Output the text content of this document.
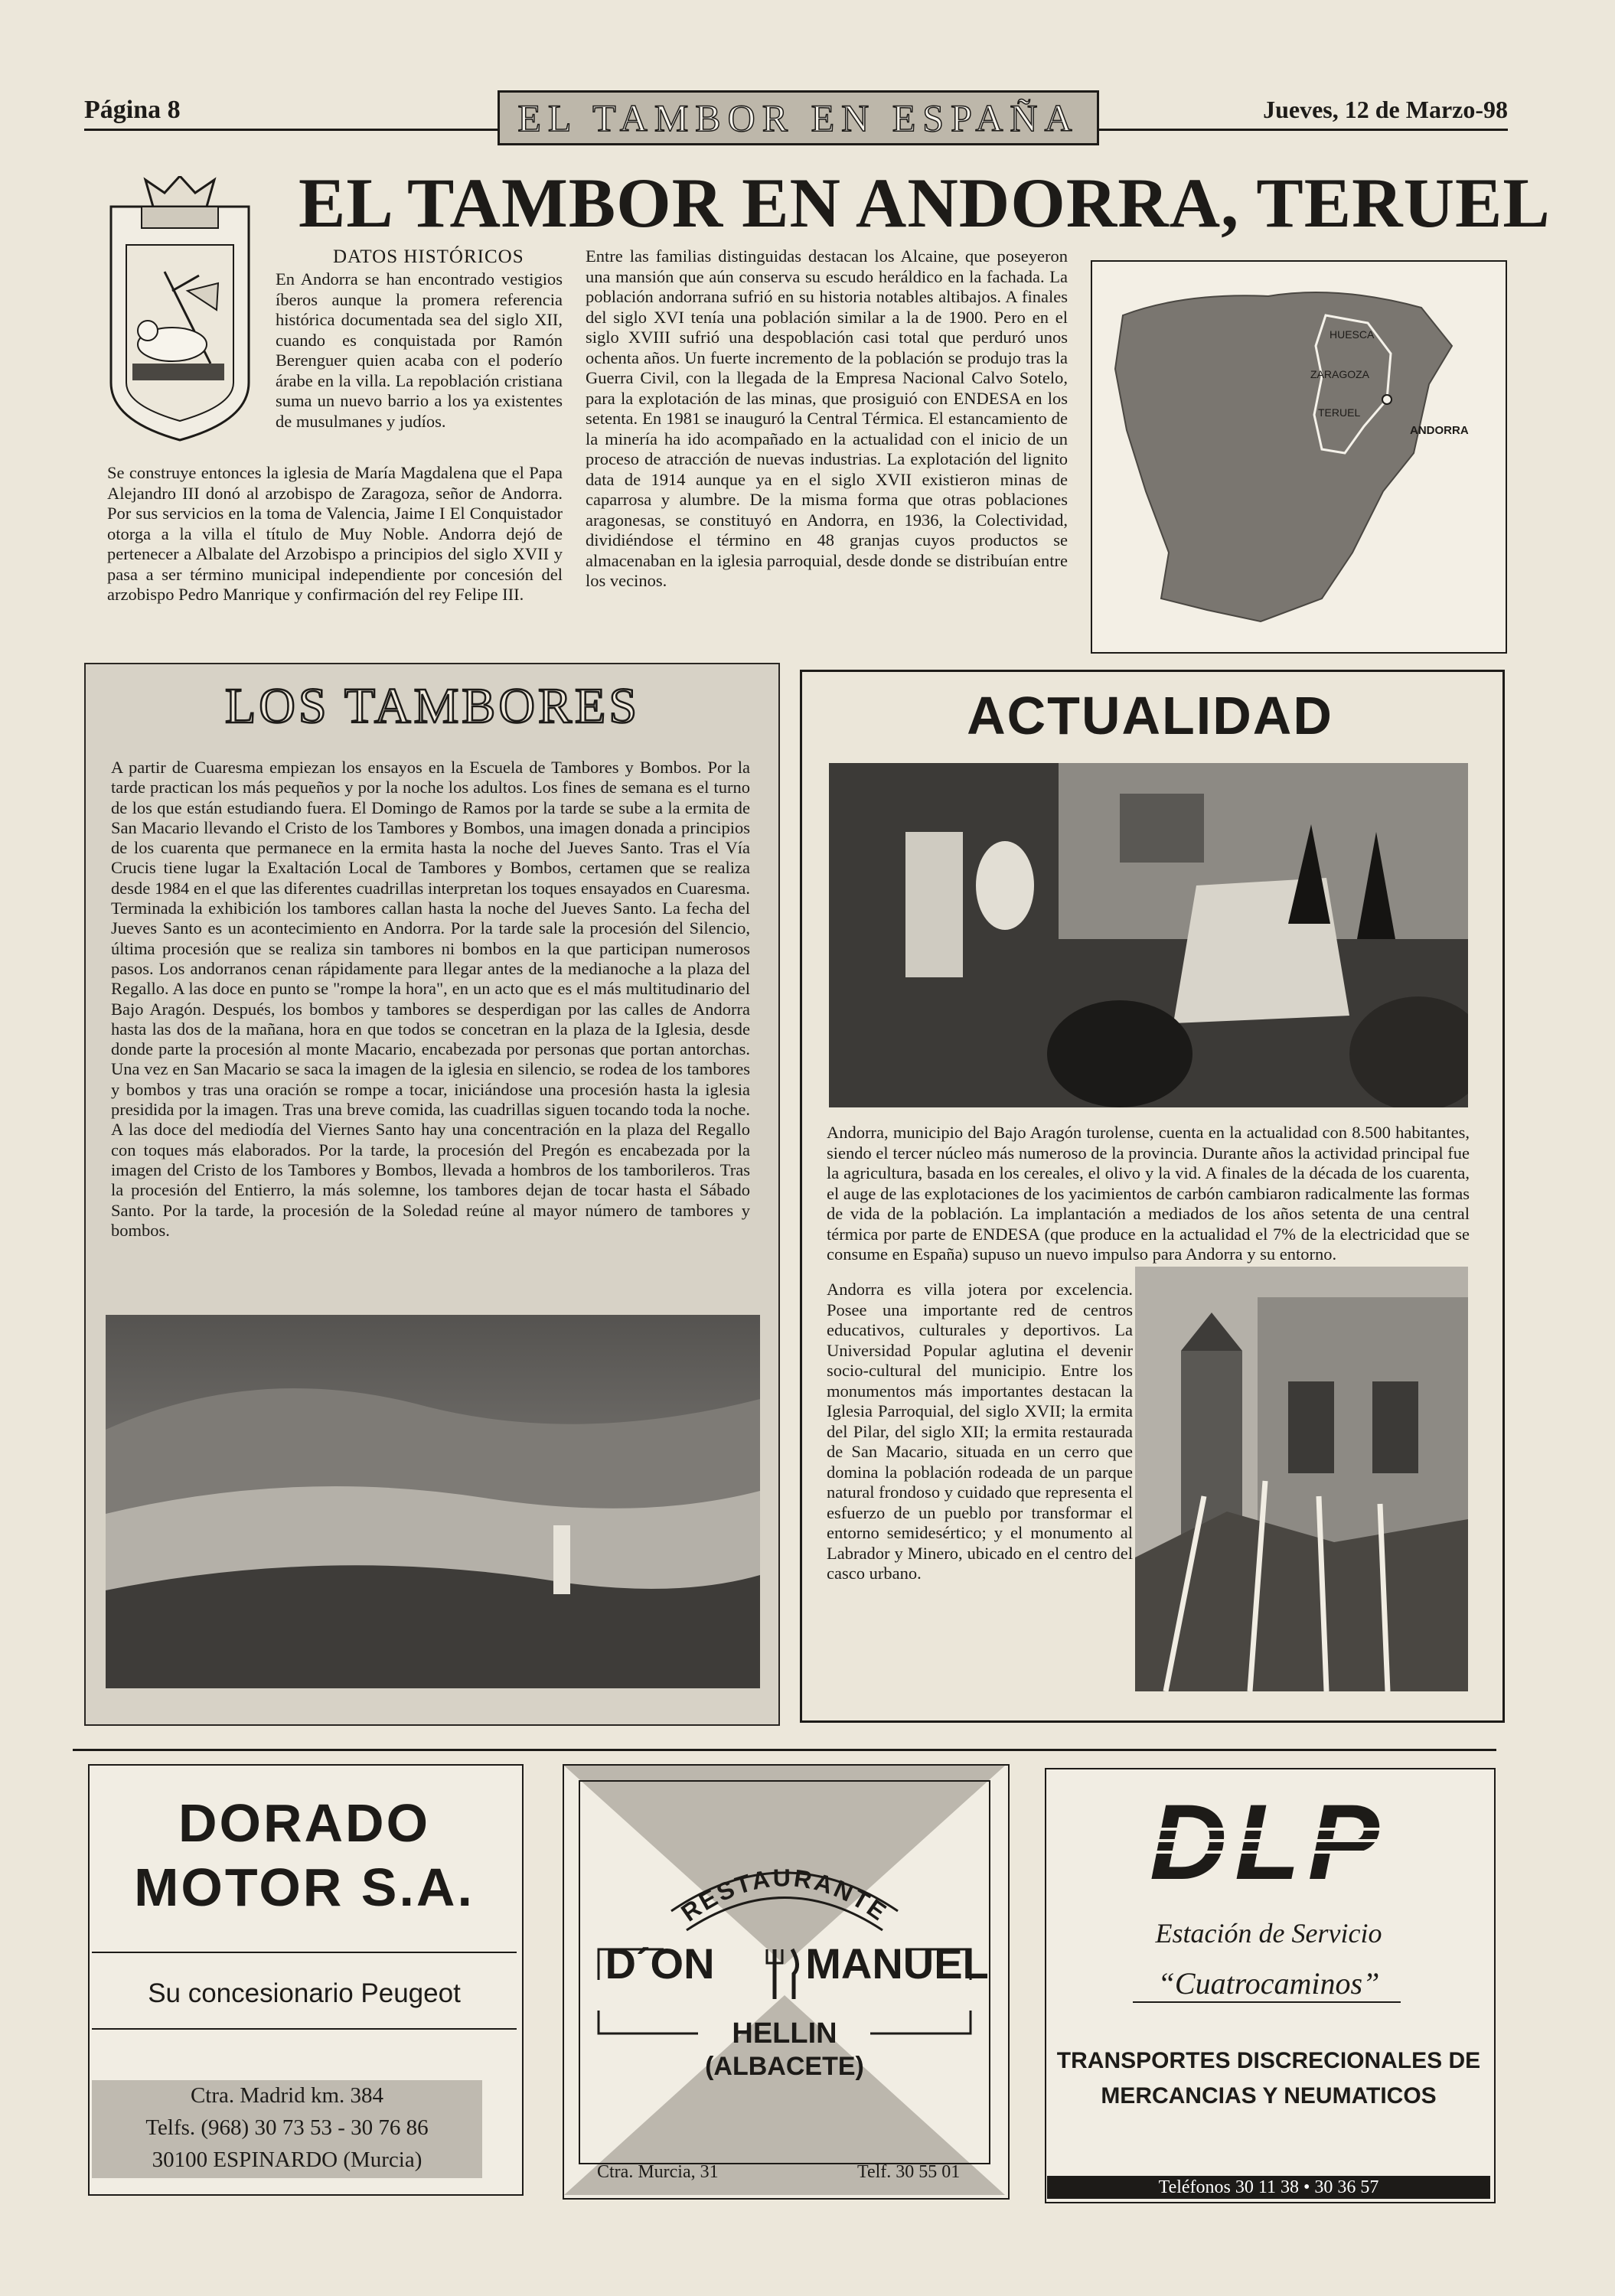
Página 8	EL TAMBOR EN ESPAÑA	Jueves, 12 de Marzo-98
EL TAMBOR EN ANDORRA, TERUEL
DATOS HISTÓRICOS
En Andorra se han encontrado vestigios íberos aunque la promera referencia histórica documentada sea del siglo XII, cuando es conquistada por Ramón Berenguer quien acaba con el poderío árabe en la villa. La repoblación cristiana suma un nuevo barrio a los ya existentes de musulmanes y judíos.
Se construye entonces la iglesia de María Magdalena que el Papa Alejandro III donó al arzobispo de Zaragoza, señor de Andorra. Por sus servicios en la toma de Valencia, Jaime I El Conquistador otorga a la villa el título de Muy Noble. Andorra dejó de pertenecer a Albalate del Arzobispo a principios del siglo XVII y pasa a ser término municipal independiente por concesión del arzobispo Pedro Manrique y confirmación del rey Felipe III.
Entre las familias distinguidas destacan los Alcaine, que poseyeron una mansión que aún conserva su escudo heráldico en la fachada. La población andorrana sufrió en su historia notables altibajos. A finales del siglo XVI tenía una población similar a la de 1900. Pero en el siglo XVIII sufrió una despoblación casi total que perduró unos ochenta años. Un fuerte incremento de la población se produjo tras la Guerra Civil, con la llegada de la Empresa Nacional Calvo Sotelo, para la explotación de las minas, que prosiguió con ENDESA en los setenta. En 1981 se inauguró la Central Térmica. El estancamiento de la minería ha ido acompañado en la actualidad con el inicio de un proceso de atracción de nuevas industrias. La explotación del lignito data de 1914 aunque ya en el siglo XVII existieron minas de caparrosa y alumbre. De la misma forma que otras poblaciones aragonesas, se constituyó en Andorra, en 1936, la Colectividad, dividiéndose el término en 48 granjas cuyos productos se almacenaban en la iglesia parroquial, desde donde se distribuían entre los vecinos.
HUESCA
ZARAGOZA
TERUEL
ANDORRA
LOS TAMBORES
A partir de Cuaresma empiezan los ensayos en la Escuela de Tambores y Bombos. Por la tarde practican los más pequeños y por la noche los adultos. Los fines de semana es el turno de los que están estudiando fuera. El Domingo de Ramos por la tarde se sube a la ermita de San Macario llevando el Cristo de los Tambores y Bombos, una imagen donada a principios de los cuarenta que permanece en la ermita hasta la noche del Jueves Santo. Tras el Vía Crucis tiene lugar la Exaltación Local de Tambores y Bombos, certamen que se realiza desde 1984 en el que las diferentes cuadrillas interpretan los toques ensayados en Cuaresma. Terminada la exhibición los tambores callan hasta la noche del Jueves Santo. La fecha del Jueves Santo es un acontecimiento en Andorra. Por la tarde sale la procesión del Silencio, última procesión que se realiza sin tambores ni bombos en la que participan numerosos pasos. Los andorranos cenan rápidamente para llegar antes de la medianoche a la plaza del Regallo. A las doce en punto se "rompe la hora", en un acto que es el más multitudinario del Bajo Aragón. Después, los bombos y tambores se desperdigan por las calles de Andorra hasta las dos de la mañana, hora en que todos se concetran en la plaza de la Iglesia, desde donde parte la procesión al monte Macario, encabezada por personas que portan antorchas. Una vez en San Macario se saca la imagen de la iglesia en silencio, se rodea de los tambores y bombos y tras una oración se rompe a tocar, iniciándose una procesión hasta la iglesia presidida por la imagen. Tras una breve comida, las cuadrillas siguen tocando toda la noche. A las doce del mediodía del Viernes Santo hay una concentración en la plaza del Regallo con toques más elaborados. Por la tarde, la procesión del Pregón es encabezada por la imagen del Cristo de los Tambores y Bombos, llevada a hombros de los tamborileros. Tras la procesión del Entierro, la más solemne, los tambores dejan de tocar hasta el Sábado Santo. Por la tarde, la procesión de la Soledad reúne al mayor número de tambores y bombos.
ACTUALIDAD
Andorra, municipio del Bajo Aragón turolense, cuenta en la actualidad con 8.500 habitantes, siendo el tercer núcleo más numeroso de la provincia. Durante años la actividad principal fue la agricultura, basada en los cereales, el olivo y la vid. A finales de la década de los cuarenta, el auge de las explotaciones de los yacimientos de carbón cambiaron radicalmente las formas de vida de la población. La implantación a mediados de los años setenta de una central térmica por parte de ENDESA (que produce en la actualidad el 7% de la electricidad que se consume en España) supuso un nuevo impulso para Andorra y su entorno.
Andorra es villa jotera por excelencia. Posee una importante red de centros educativos, culturales y deportivos. La Universidad Popular aglutina el devenir socio-cultural del municipio. Entre los monumentos más importantes destacan la Iglesia Parroquial, del siglo XVII; la ermita del Pilar, del siglo XII; la ermita restaurada de San Macario, situada en un cerro que domina la población rodeada de un parque natural frondoso y cuidado que representa el esfuerzo de un pueblo por transformar el entorno semidesértico; y el monumento al Labrador y Minero, ubicado en el centro del casco urbano.
DORADO
MOTOR S.A.
Su concesionario Peugeot
Ctra. Madrid km. 384
Telfs. (968) 30 73 53 - 30 76 86
30100 ESPINARDO (Murcia)
RESTAURANTE
D´ON MANUEL
HELLIN
(ALBACETE)
Ctra. Murcia, 31	Telf. 30 55 01
DLP
Estación de Servicio
“Cuatrocaminos”
TRANSPORTES DISCRECIONALES DE
MERCANCIAS Y NEUMATICOS
Teléfonos 30 11 38 • 30 36 57
